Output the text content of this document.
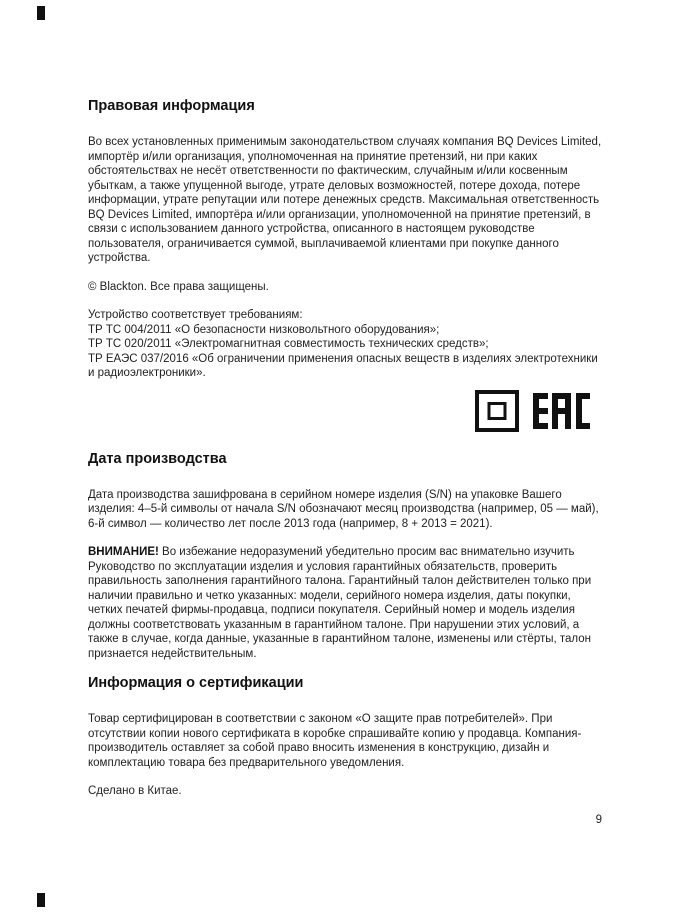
Правовая информация

Во всех установленных применимым законодательством случаях компания BQ Devices Limited, импортёр и/или организация, уполномоченная на принятие претензий, ни при каких обстоятельствах не несёт ответственности по фактическим, случайным и/или косвенным убыткам, а также упущенной выгоде, утрате деловых возможностей, потере дохода, потере информации, утрате репутации или потере денежных средств. Максимальная ответственность BQ Devices Limited, импортёра и/или организации, уполномоченной на принятие претензий, в связи с использованием данного устройства, описанного в настоящем руководстве пользователя, ограничивается суммой, выплачиваемой клиентами при покупке данного устройства.

© Blackton. Все права защищены.

Устройство соответствует требованиям:
ТР ТС 004/2011 «О безопасности низковольтного оборудования»;
ТР ТС 020/2011 «Электромагнитная совместимость технических средств»;
ТР ЕАЭС 037/2016 «Об ограничении применения опасных веществ в изделиях электротехники и радиоэлектроники».
Дата производства

Дата производства зашифрована в серийном номере изделия (S/N) на упаковке Вашего изделия: 4–5-й символы от начала S/N обозначают месяц производства (например, 05 — май), 6-й символ — количество лет после 2013 года (например, 8 + 2013 = 2021).

ВНИМАНИЕ! Во избежание недоразумений убедительно просим вас внимательно изучить Руководство по эксплуатации изделия и условия гарантийных обязательств, проверить правильность заполнения гарантийного талона. Гарантийный талон действителен только при наличии правильно и четко указанных: модели, серийного номера изделия, даты покупки, четких печатей фирмы-продавца, подписи покупателя. Серийный номер и модель изделия должны соответствовать указанным в гарантийном талоне. При нарушении этих условий, а также в случае, когда данные, указанные в гарантийном талоне, изменены или стёрты, талон признается недействительным.

Информация о сертификации

Товар сертифицирован в соответствии с законом «О защите прав потребителей». При отсутствии копии нового сертификата в коробке спрашивайте копию у продавца. Компания-производитель оставляет за собой право вносить изменения в конструкцию, дизайн и комплектацию товара без предварительного уведомления.

Сделано в Китае.

9
